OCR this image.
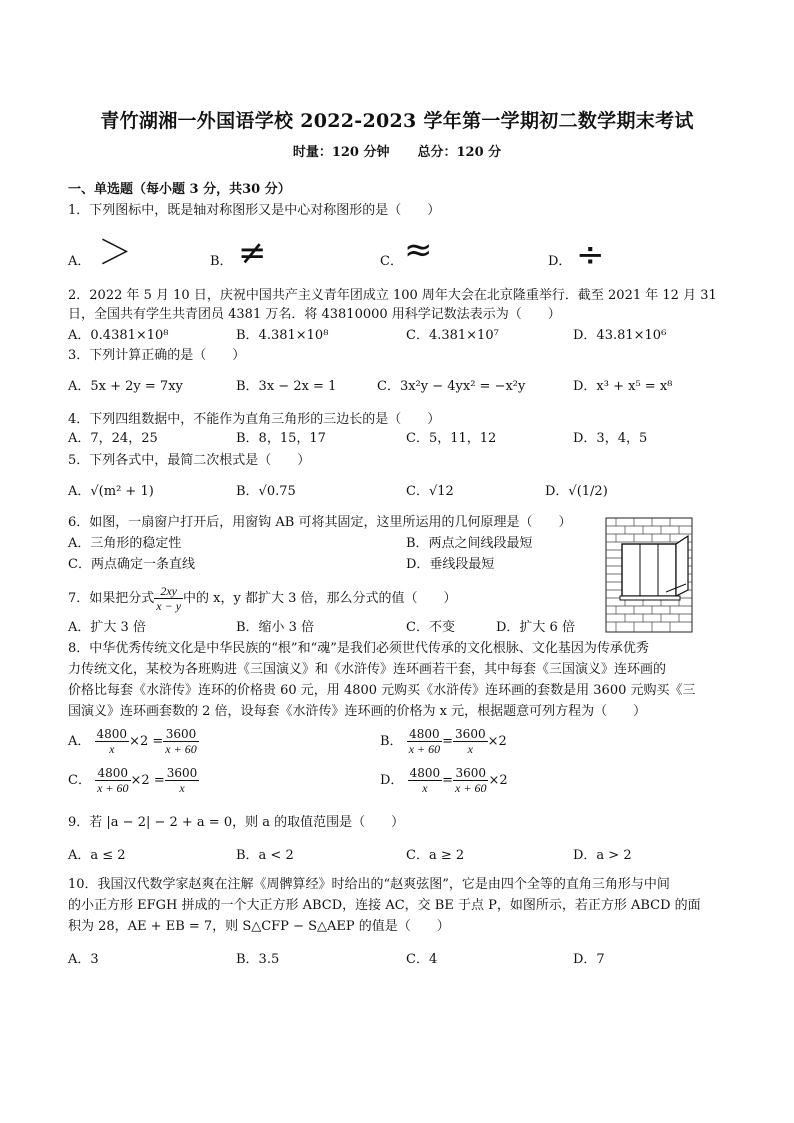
青竹湖湘一外国语学校 2022-2023 学年第一学期初二数学期末考试
时量：120 分钟 总分：120 分
一、单选题（每小题 3 分，共30 分）
1．下列图标中，既是轴对称图形又是中心对称图形的是（　　）
A． ＞	B． ≠	C． ≈	D． ÷
2．2022 年 5 月 10 日，庆祝中国共产主义青年团成立 100 周年大会在北京隆重举行．截至 2021 年 12 月 31
日，全国共有学生共青团员 4381 万名．将 43810000 用科学记数法表示为（　　）
A．0.4381×10⁸	B．4.381×10⁸	C．4.381×10⁷	D．43.81×10⁶
3．下列计算正确的是（　　）
A．5x + 2y = 7xy	B．3x − 2x = 1	C．3x²y − 4yx² = −x²y	D．x³ + x⁵ = x⁸
4．下列四组数据中，不能作为直角三角形的三边长的是（　　）
A．7，24，25	B．8，15，17	C．5，11，12	D．3，4，5
5．下列各式中，最简二次根式是（　　）
A．√(m² + 1)	B．√0.75	C．√12	D．√(1/2)
6．如图，一扇窗户打开后，用窗钩 AB 可将其固定，这里所运用的几何原理是（　　）
A．三角形的稳定性	B．两点之间线段最短
C．两点确定一条直线	D．垂线段最短
7．如果把分式 $\frac{2xy}{x - y}$ 中的 x，y 都扩大 3 倍，那么分式的值（　　）
A．扩大 3 倍	B．缩小 3 倍	C．不变	D．扩大 6 倍
8．中华优秀传统文化是中华民族的“根”和“魂”是我们必须世代传承的文化根脉、文化基因为传承优秀
力传统文化，某校为各班购进《三国演义》和《水浒传》连环画若干套，其中每套《三国演义》连环画的
价格比每套《水浒传》连环的价格贵 60 元，用 4800 元购买《水浒传》连环画的套数是用 3600 元购买《三
国演义》连环画套数的 2 倍，设每套《水浒传》连环画的价格为 x 元，根据题意可列方程为（　　）
A． $\frac{4800}{x} \times 2 = \frac{3600}{x + 60}$	B． $\frac{4800}{x + 60} = \frac{3600}{x} \times 2$
C． $\frac{4800}{x + 60} \times 2 = \frac{3600}{x}$	D． $\frac{4800}{x} = \frac{3600}{x + 60} \times 2$
9．若 |a − 2| − 2 + a = 0，则 a 的取值范围是（　　）
A．a ≤ 2	B．a < 2	C．a ≥ 2	D．a > 2
10．我国汉代数学家赵爽在注解《周髀算经》时给出的“赵爽弦图”，它是由四个全等的直角三角形与中间
的小正方形 EFGH 拼成的一个大正方形 ABCD，连接 AC，交 BE 于点 P，如图所示，若正方形 ABCD 的面
积为 28，AE + EB = 7，则 S△CFP − S△AEP 的值是（　　）
A．3	B．3.5	C．4	D．7
